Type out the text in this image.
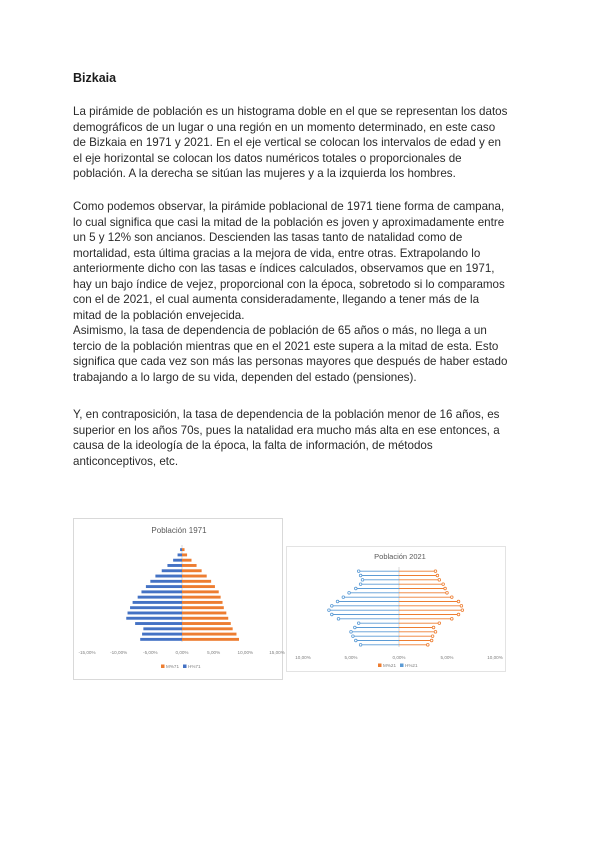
Bizkaia

La pirámide de población es un histograma doble en el que se representan los datos
demográficos de un lugar o una región en un momento determinado, en este caso
de Bizkaia en 1971 y 2021. En el eje vertical se colocan los intervalos de edad y en
el eje horizontal se colocan los datos numéricos totales o proporcionales de
población. A la derecha se sitúan las mujeres y a la izquierda los hombres.

Como podemos observar, la pirámide poblacional de 1971 tiene forma de campana,
lo cual significa que casi la mitad de la población es joven y aproximadamente entre
un 5 y 12% son ancianos. Descienden las tasas tanto de natalidad como de
mortalidad, esta última gracias a la mejora de vida, entre otras. Extrapolando lo
anteriormente dicho con las tasas e índices calculados, observamos que en 1971,
hay un bajo índice de vejez, proporcional con la época, sobretodo si lo comparamos
con el de 2021, el cual aumenta consideradamente, llegando a tener más de la
mitad de la población envejecida.
Asimismo, la tasa de dependencia de población de 65 años o más, no llega a un
tercio de la población mientras que en el 2021 este supera a la mitad de esta. Esto
significa que cada vez son más las personas mayores que después de haber estado
trabajando a lo largo de su vida, dependen del estado (pensiones).

Y, en contraposición, la tasa de dependencia de la población menor de 16 años, es
superior en los años 70s, pues la natalidad era mucho más alta en ese entonces, a
causa de la ideología de la época, la falta de información, de métodos
anticonceptivos, etc.

Población 1971
-15,00%	-10,00%	-5,00%	0,00%	5,00%	10,00%	15,00%
M%71 H%71
Población 2021
10,00%	5,00%	0,00%	5,00%	10,00%
M%21 H%21
